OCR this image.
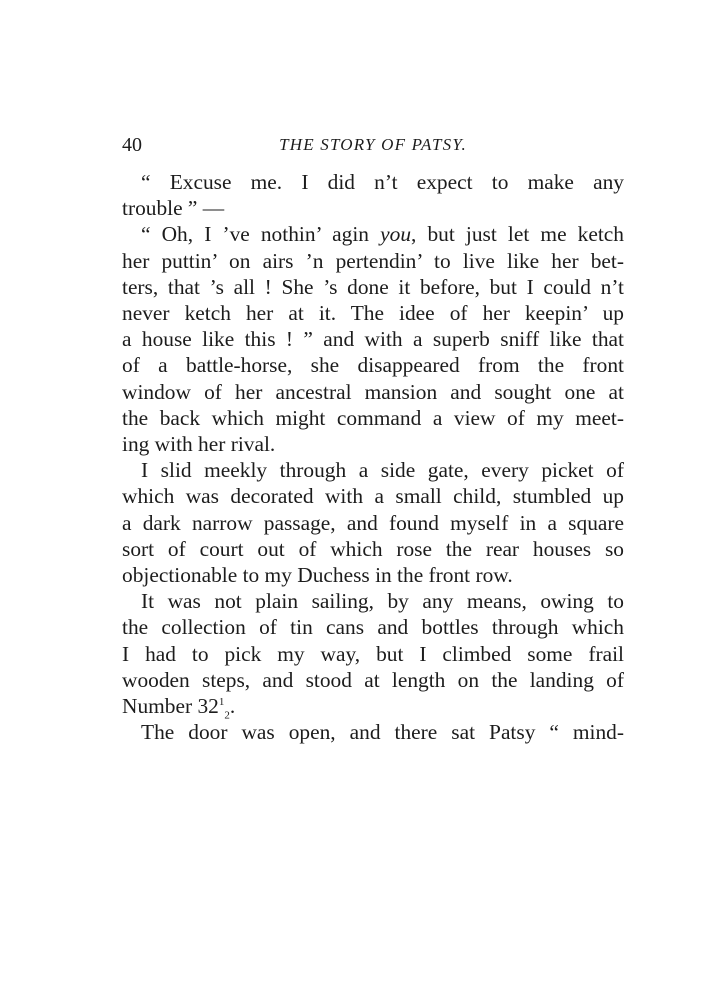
40	THE STORY OF PATSY.

“ Excuse me. I did n’t expect to make any
trouble ” —

“ Oh, I ’ve nothin’ agin you, but just let me ketch
her puttin’ on airs ’n pertendin’ to live like her bet-
ters, that ’s all ! She ’s done it before, but I could n’t
never ketch her at it. The idee of her keepin’ up
a house like this ! ” and with a superb sniff like that
of a battle-horse, she disappeared from the front
window of her ancestral mansion and sought one at
the back which might command a view of my meet-
ing with her rival.

I slid meekly through a side gate, every picket of
which was decorated with a small child, stumbled up
a dark narrow passage, and found myself in a square
sort of court out of which rose the rear houses so
objectionable to my Duchess in the front row.

It was not plain sailing, by any means, owing to
the collection of tin cans and bottles through which
I had to pick my way, but I climbed some frail
wooden steps, and stood at length on the landing of
Number $32^1_2$.

The door was open, and there sat Patsy “ mind-
